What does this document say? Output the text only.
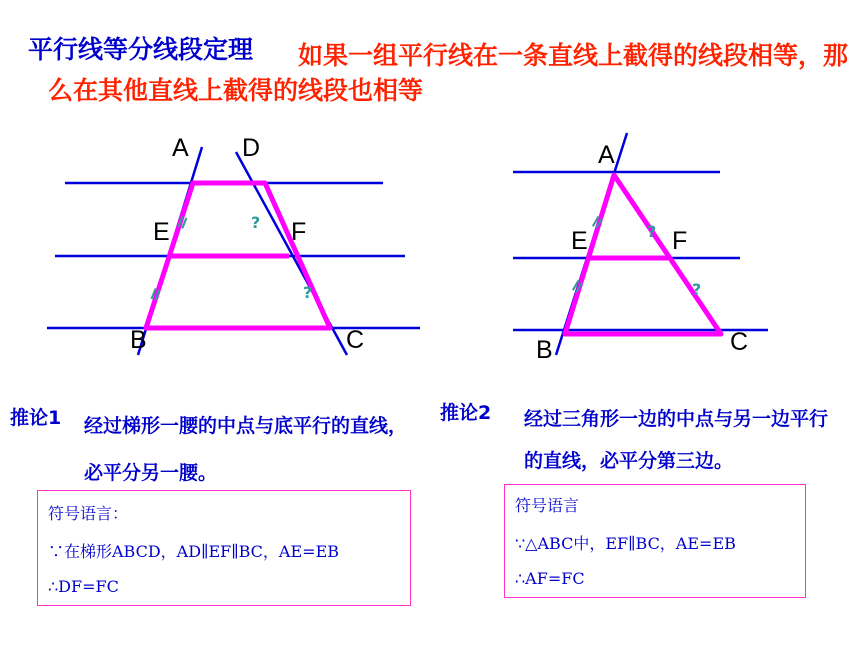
平行线等分线段定理	如果一组平行线在一条直线上截得的线段相等，那么在其他直线上截得的线段也相等
A D
E	F
B	C
=
=
?
?
A
E	F
B	C
=
=
?
?
推论1 经过梯形一腰的中点与底平行的直线，必平分另一腰。
符号语言：
∵在梯形ABCD，AD∥EF∥BC，AE=EB
∴DF=FC
推论2 经过三角形一边的中点与另一边平行的直线，必平分第三边。
符号语言
∵△ABC中，EF∥BC，AE=EB
∴AF=FC
